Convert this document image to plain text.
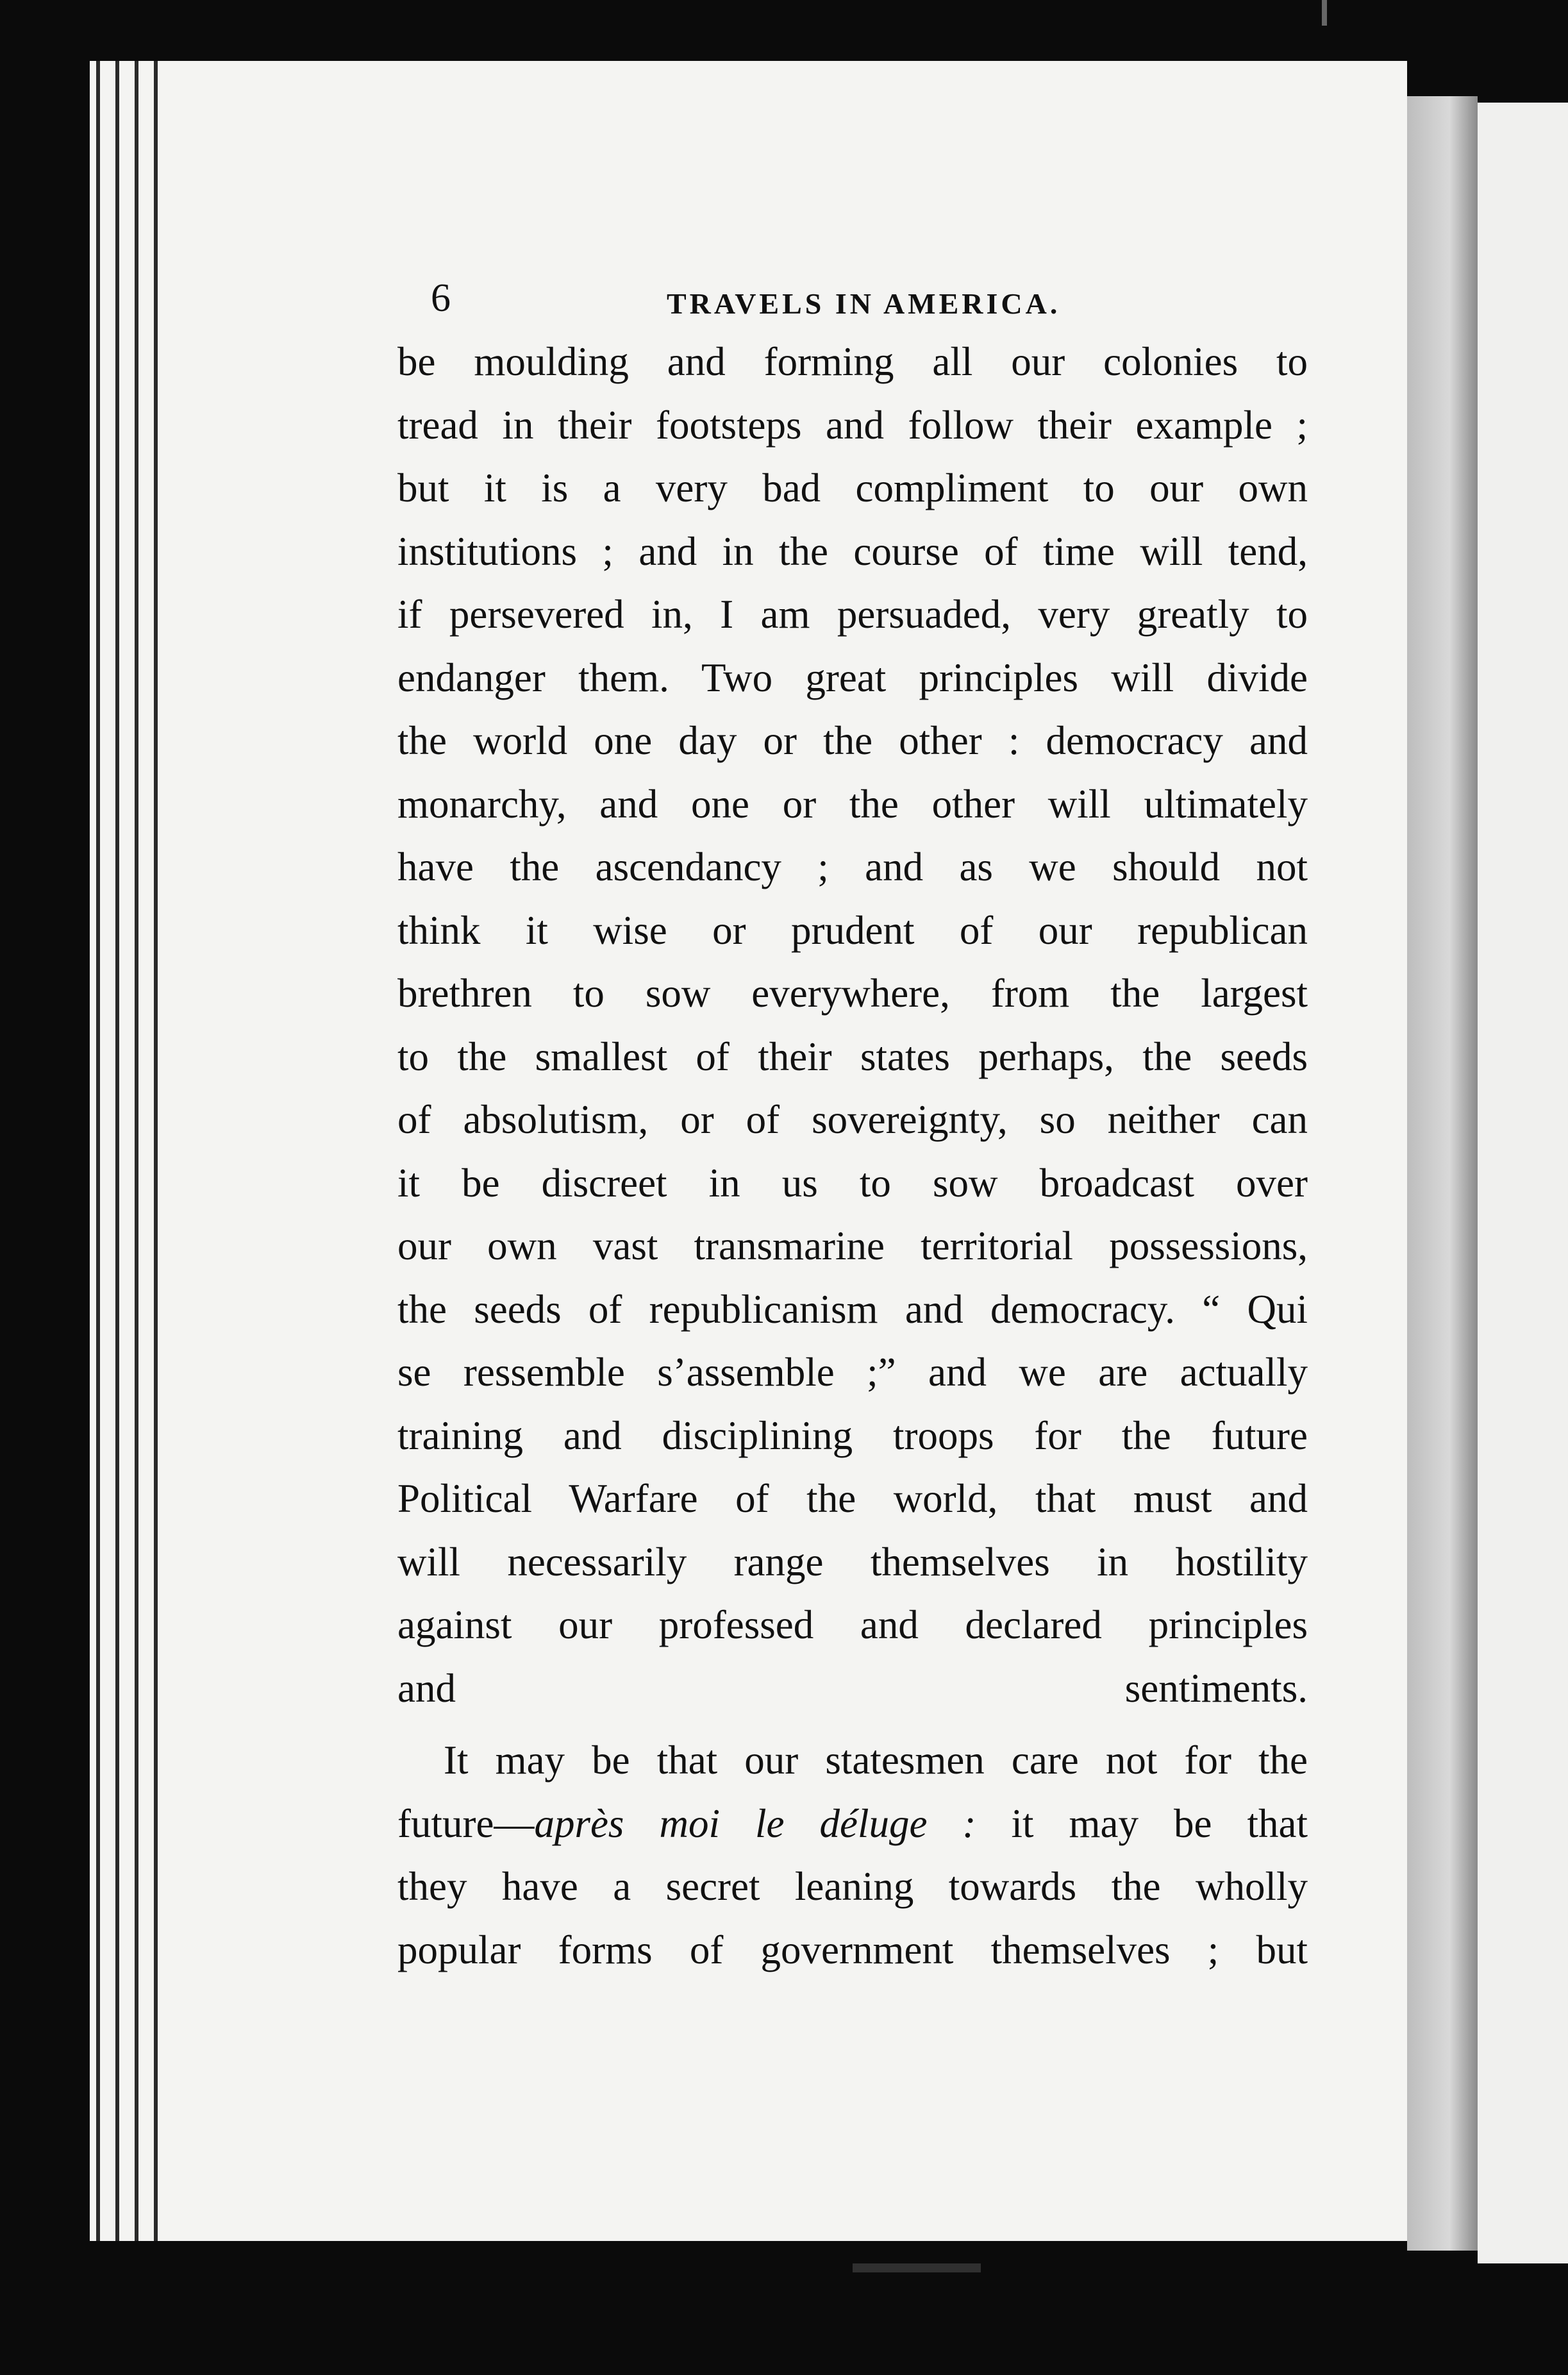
6	TRAVELS IN AMERICA.

be moulding and forming all our colonies to
tread in their footsteps and follow their example ;
but it is a very bad compliment to our own
institutions ; and in the course of time will tend,
if persevered in, I am persuaded, very greatly to
endanger them. Two great principles will divide
the world one day or the other : democracy and
monarchy, and one or the other will ultimately
have the ascendancy ; and as we should not
think it wise or prudent of our republican
brethren to sow everywhere, from the largest
to the smallest of their states perhaps, the seeds
of absolutism, or of sovereignty, so neither can
it be discreet in us to sow broadcast over
our own vast transmarine territorial possessions,
the seeds of republicanism and democracy. “ Qui
se ressemble s’assemble ;” and we are actually
training and disciplining troops for the future
Political Warfare of the world, that must and
will necessarily range themselves in hostility
against our professed and declared principles
and sentiments.

It may be that our statesmen care not for the
future—après moi le déluge : it may be that
they have a secret leaning towards the wholly
popular forms of government themselves ; but
